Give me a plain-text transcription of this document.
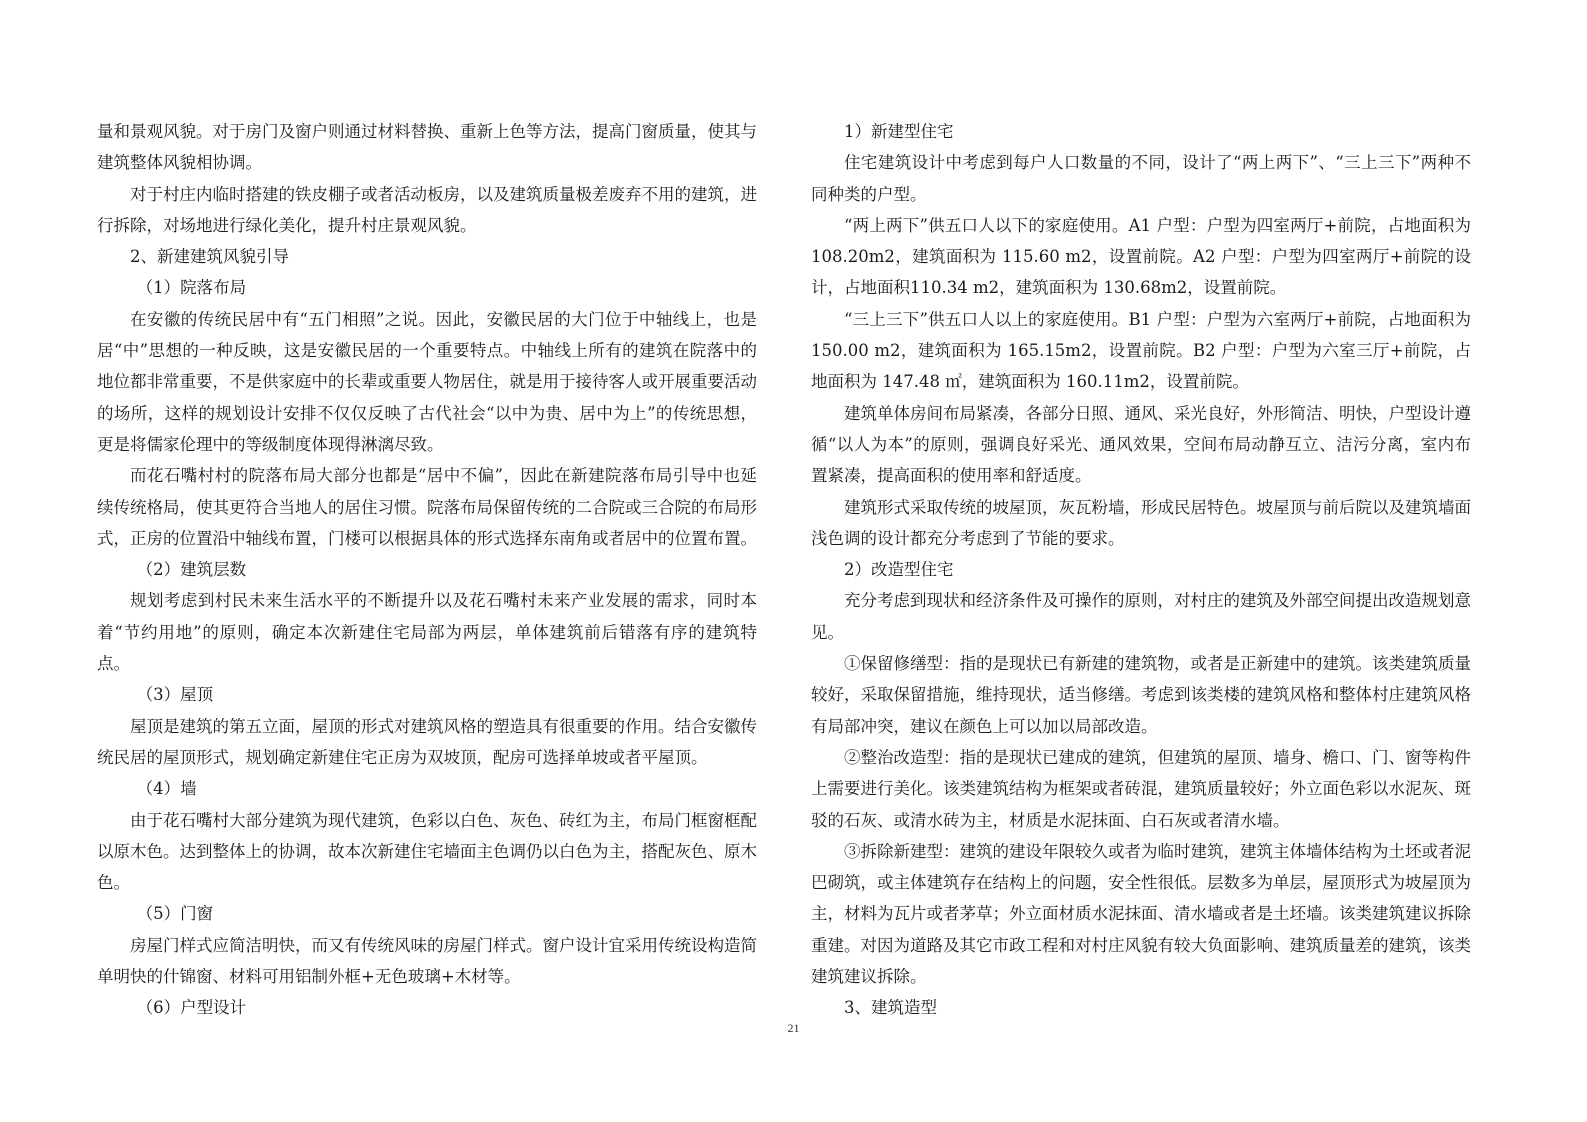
量和景观风貌。对于房门及窗户则通过材料替换、重新上色等方法，提高门窗质量，使其与建筑整体风貌相协调。

对于村庄内临时搭建的铁皮棚子或者活动板房，以及建筑质量极差废弃不用的建筑，进行拆除，对场地进行绿化美化，提升村庄景观风貌。

2、新建建筑风貌引导

（1）院落布局

在安徽的传统民居中有“五门相照”之说。因此，安徽民居的大门位于中轴线上，也是居“中”思想的一种反映，这是安徽民居的一个重要特点。中轴线上所有的建筑在院落中的地位都非常重要，不是供家庭中的长辈或重要人物居住，就是用于接待客人或开展重要活动的场所，这样的规划设计安排不仅仅反映了古代社会“以中为贵、居中为上”的传统思想，更是将儒家伦理中的等级制度体现得淋漓尽致。

而花石嘴村村的院落布局大部分也都是“居中不偏”，因此在新建院落布局引导中也延续传统格局，使其更符合当地人的居住习惯。院落布局保留传统的二合院或三合院的布局形式，正房的位置沿中轴线布置，门楼可以根据具体的形式选择东南角或者居中的位置布置。

（2）建筑层数

规划考虑到村民未来生活水平的不断提升以及花石嘴村未来产业发展的需求，同时本着“节约用地”的原则，确定本次新建住宅局部为两层，单体建筑前后错落有序的建筑特点。

（3）屋顶

屋顶是建筑的第五立面，屋顶的形式对建筑风格的塑造具有很重要的作用。结合安徽传统民居的屋顶形式，规划确定新建住宅正房为双坡顶，配房可选择单坡或者平屋顶。

（4）墙

由于花石嘴村大部分建筑为现代建筑，色彩以白色、灰色、砖红为主，布局门框窗框配以原木色。达到整体上的协调，故本次新建住宅墙面主色调仍以白色为主，搭配灰色、原木色。

（5）门窗

房屋门样式应简洁明快，而又有传统风味的房屋门样式。窗户设计宜采用传统设构造简单明快的什锦窗、材料可用铝制外框+无色玻璃+木材等。

（6）户型设计

1）新建型住宅

住宅建筑设计中考虑到每户人口数量的不同，设计了“两上两下”、“三上三下”两种不同种类的户型。

“两上两下”供五口人以下的家庭使用。A1 户型：户型为四室两厅+前院，占地面积为108.20m2，建筑面积为 115.60 m2，设置前院。A2 户型：户型为四室两厅+前院的设计，占地面积110.34 m2，建筑面积为 130.68m2，设置前院。

“三上三下”供五口人以上的家庭使用。B1 户型：户型为六室两厅+前院，占地面积为 150.00 m2，建筑面积为 165.15m2，设置前院。B2 户型：户型为六室三厅+前院，占地面积为 147.48 ㎡，建筑面积为 160.11m2，设置前院。

建筑单体房间布局紧凑，各部分日照、通风、采光良好，外形简洁、明快，户型设计遵循“以人为本”的原则，强调良好采光、通风效果，空间布局动静互立、洁污分离，室内布置紧凑，提高面积的使用率和舒适度。

建筑形式采取传统的坡屋顶，灰瓦粉墙，形成民居特色。坡屋顶与前后院以及建筑墙面浅色调的设计都充分考虑到了节能的要求。

2）改造型住宅

充分考虑到现状和经济条件及可操作的原则，对村庄的建筑及外部空间提出改造规划意见。

①保留修缮型：指的是现状已有新建的建筑物，或者是正新建中的建筑。该类建筑质量较好，采取保留措施，维持现状，适当修缮。考虑到该类楼的建筑风格和整体村庄建筑风格有局部冲突，建议在颜色上可以加以局部改造。

②整治改造型：指的是现状已建成的建筑，但建筑的屋顶、墙身、檐口、门、窗等构件上需要进行美化。该类建筑结构为框架或者砖混，建筑质量较好；外立面色彩以水泥灰、斑驳的石灰、或清水砖为主，材质是水泥抹面、白石灰或者清水墙。

③拆除新建型：建筑的建设年限较久或者为临时建筑，建筑主体墙体结构为土坯或者泥巴砌筑，或主体建筑存在结构上的问题，安全性很低。层数多为单层，屋顶形式为坡屋顶为主，材料为瓦片或者茅草；外立面材质水泥抹面、清水墙或者是土坯墙。该类建筑建议拆除重建。对因为道路及其它市政工程和对村庄风貌有较大负面影响、建筑质量差的建筑，该类建筑建议拆除。

3、建筑造型

21
